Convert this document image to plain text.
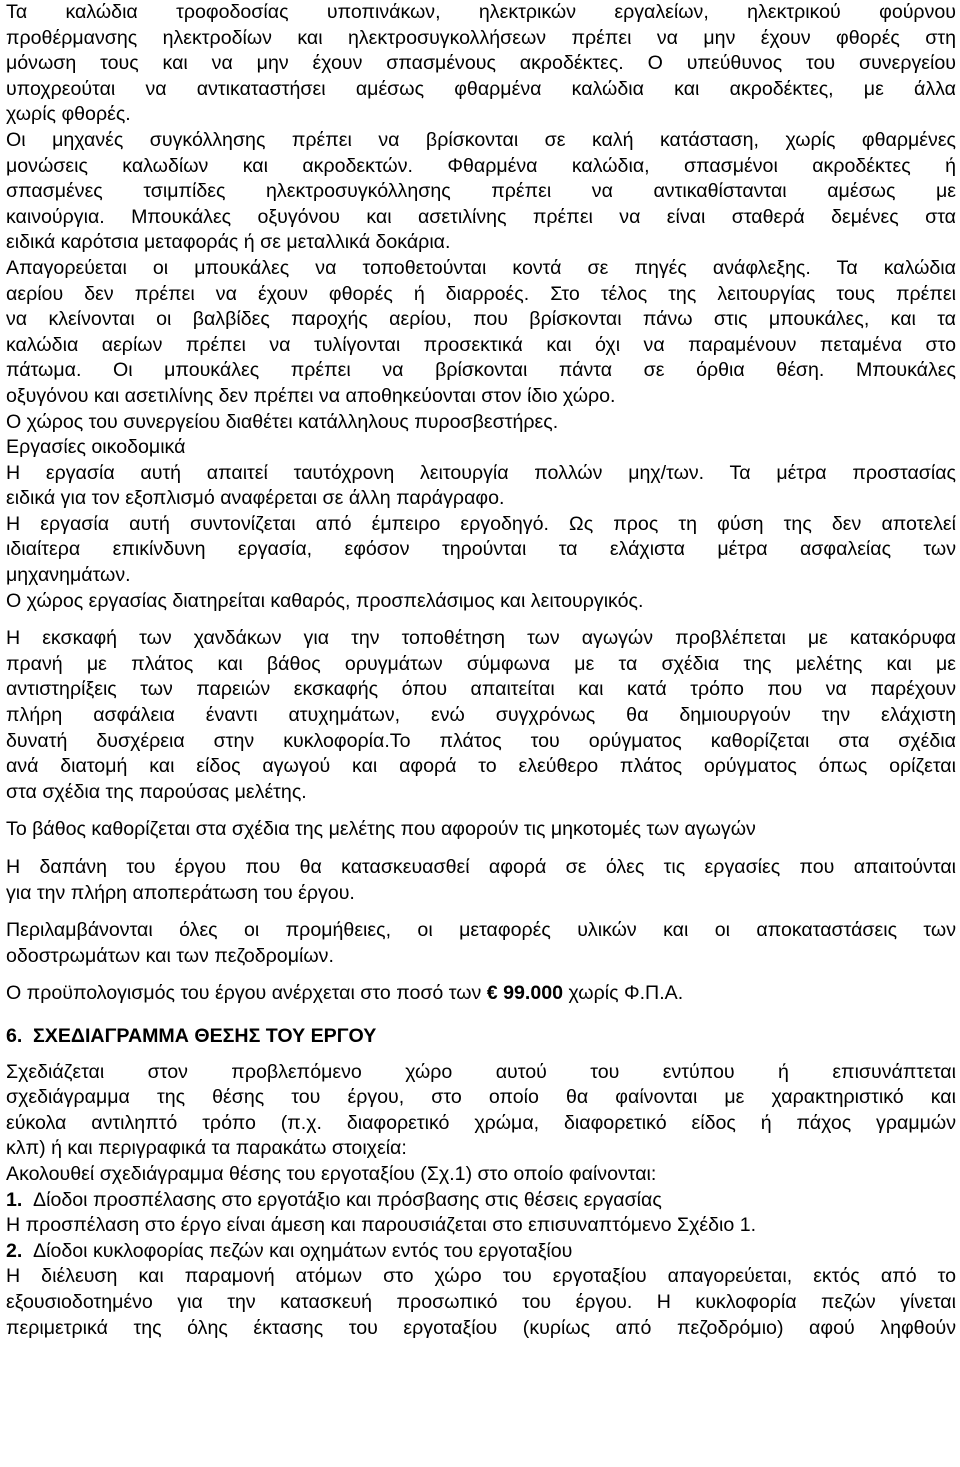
Τα καλώδια τροφοδοσίας υποπινάκων, ηλεκτρικών εργαλείων, ηλεκτρικού φούρνου
προθέρμανσης ηλεκτροδίων και ηλεκτροσυγκολλήσεων πρέπει να μην έχουν φθορές στη
μόνωση τους και να μην έχουν σπασμένους ακροδέκτες. Ο υπεύθυνος του συνεργείου
υποχρεούται να αντικαταστήσει αμέσως φθαρμένα καλώδια και ακροδέκτες, με άλλα
χωρίς φθορές.
Οι μηχανές συγκόλλησης πρέπει να βρίσκονται σε καλή κατάσταση, χωρίς φθαρμένες
μονώσεις καλωδίων και ακροδεκτών. Φθαρμένα καλώδια, σπασμένοι ακροδέκτες ή
σπασμένες τσιμπίδες ηλεκτροσυγκόλλησης πρέπει να αντικαθίστανται αμέσως με
καινούργια. Μπουκάλες οξυγόνου και ασετιλίνης πρέπει να είναι σταθερά δεμένες στα
ειδικά καρότσια μεταφοράς ή σε μεταλλικά δοκάρια.
Απαγορεύεται οι μπουκάλες να τοποθετούνται κοντά σε πηγές ανάφλεξης. Τα καλώδια
αερίου δεν πρέπει να έχουν φθορές ή διαρροές. Στο τέλος της λειτουργίας τους πρέπει
να κλείνονται οι βαλβίδες παροχής αερίου, που βρίσκονται πάνω στις μπουκάλες, και τα
καλώδια αερίων πρέπει να τυλίγονται προσεκτικά και όχι να παραμένουν πεταμένα στο
πάτωμα. Οι μπουκάλες πρέπει να βρίσκονται πάντα σε όρθια θέση. Μπουκάλες
οξυγόνου και ασετιλίνης δεν πρέπει να αποθηκεύονται στον ίδιο χώρο.
Ο χώρος του συνεργείου διαθέτει κατάλληλους πυροσβεστήρες.
Εργασίες οικοδομικά
Η εργασία αυτή απαιτεί ταυτόχρονη λειτουργία πολλών μηχ/των. Τα μέτρα προστασίας
ειδικά για τον εξοπλισμό αναφέρεται σε άλλη παράγραφο.
Η εργασία αυτή συντονίζεται από έμπειρο εργοδηγό. Ως προς τη φύση της δεν αποτελεί
ιδιαίτερα επικίνδυνη εργασία, εφόσον τηρούνται τα ελάχιστα μέτρα ασφαλείας των
μηχανημάτων.
Ο χώρος εργασίας διατηρείται καθαρός, προσπελάσιμος και λειτουργικός.
Η εκσκαφή των χανδάκων για την τοποθέτηση των αγωγών προβλέπεται με κατακόρυφα
πρανή με πλάτος και βάθος ορυγμάτων σύμφωνα με τα σχέδια της μελέτης και με
αντιστηρίξεις των παρειών εκσκαφής όπου απαιτείται και κατά τρόπο που να παρέχουν
πλήρη ασφάλεια έναντι ατυχημάτων, ενώ συγχρόνως θα δημιουργούν την ελάχιστη
δυνατή δυσχέρεια στην κυκλοφορία.Το πλάτος του ορύγματος καθορίζεται στα σχέδια
ανά διατομή και είδος αγωγού και αφορά το ελεύθερο πλάτος ορύγματος όπως ορίζεται
στα σχέδια της παρούσας μελέτης.
Το βάθος καθορίζεται στα σχέδια της μελέτης που αφορούν τις μηκοτομές των αγωγών
Η δαπάνη του έργου που θα κατασκευασθεί αφορά σε όλες τις εργασίες που απαιτούνται
για την πλήρη αποπεράτωση του έργου.
Περιλαμβάνονται όλες οι προμήθειες, οι μεταφορές υλικών και οι αποκαταστάσεις των
οδοστρωμάτων και των πεζοδρομίων.
Ο προϋπολογισμός του έργου ανέρχεται στο ποσό των € 99.000 χωρίς Φ.Π.Α.
6. ΣΧΕΔΙΑΓΡΑΜΜΑ ΘΕΣΗΣ ΤΟΥ ΕΡΓΟΥ
Σχεδιάζεται στον προβλεπόμενο χώρο αυτού του εντύπου ή επισυνάπτεται
σχεδιάγραμμα της θέσης του έργου, στο οποίο θα φαίνονται με χαρακτηριστικό και
εύκολα αντιληπτό τρόπο (π.χ. διαφορετικό χρώμα, διαφορετικό είδος ή πάχος γραμμών
κλπ) ή και περιγραφικά τα παρακάτω στοιχεία:
Ακολουθεί σχεδιάγραμμα θέσης του εργοταξίου (Σχ.1) στο οποίο φαίνονται:
1. Δίοδοι προσπέλασης στο εργοτάξιο και πρόσβασης στις θέσεις εργασίας
Η προσπέλαση στο έργο είναι άμεση και παρουσιάζεται στο επισυναπτόμενο Σχέδιο 1.
2. Δίοδοι κυκλοφορίας πεζών και οχημάτων εντός του εργοταξίου
Η διέλευση και παραμονή ατόμων στο χώρο του εργοταξίου απαγορεύεται, εκτός από το
εξουσιοδοτημένο για την κατασκευή προσωπικό του έργου. Η κυκλοφορία πεζών γίνεται
περιμετρικά της όλης έκτασης του εργοταξίου (κυρίως από πεζοδρόμιο) αφού ληφθούν
